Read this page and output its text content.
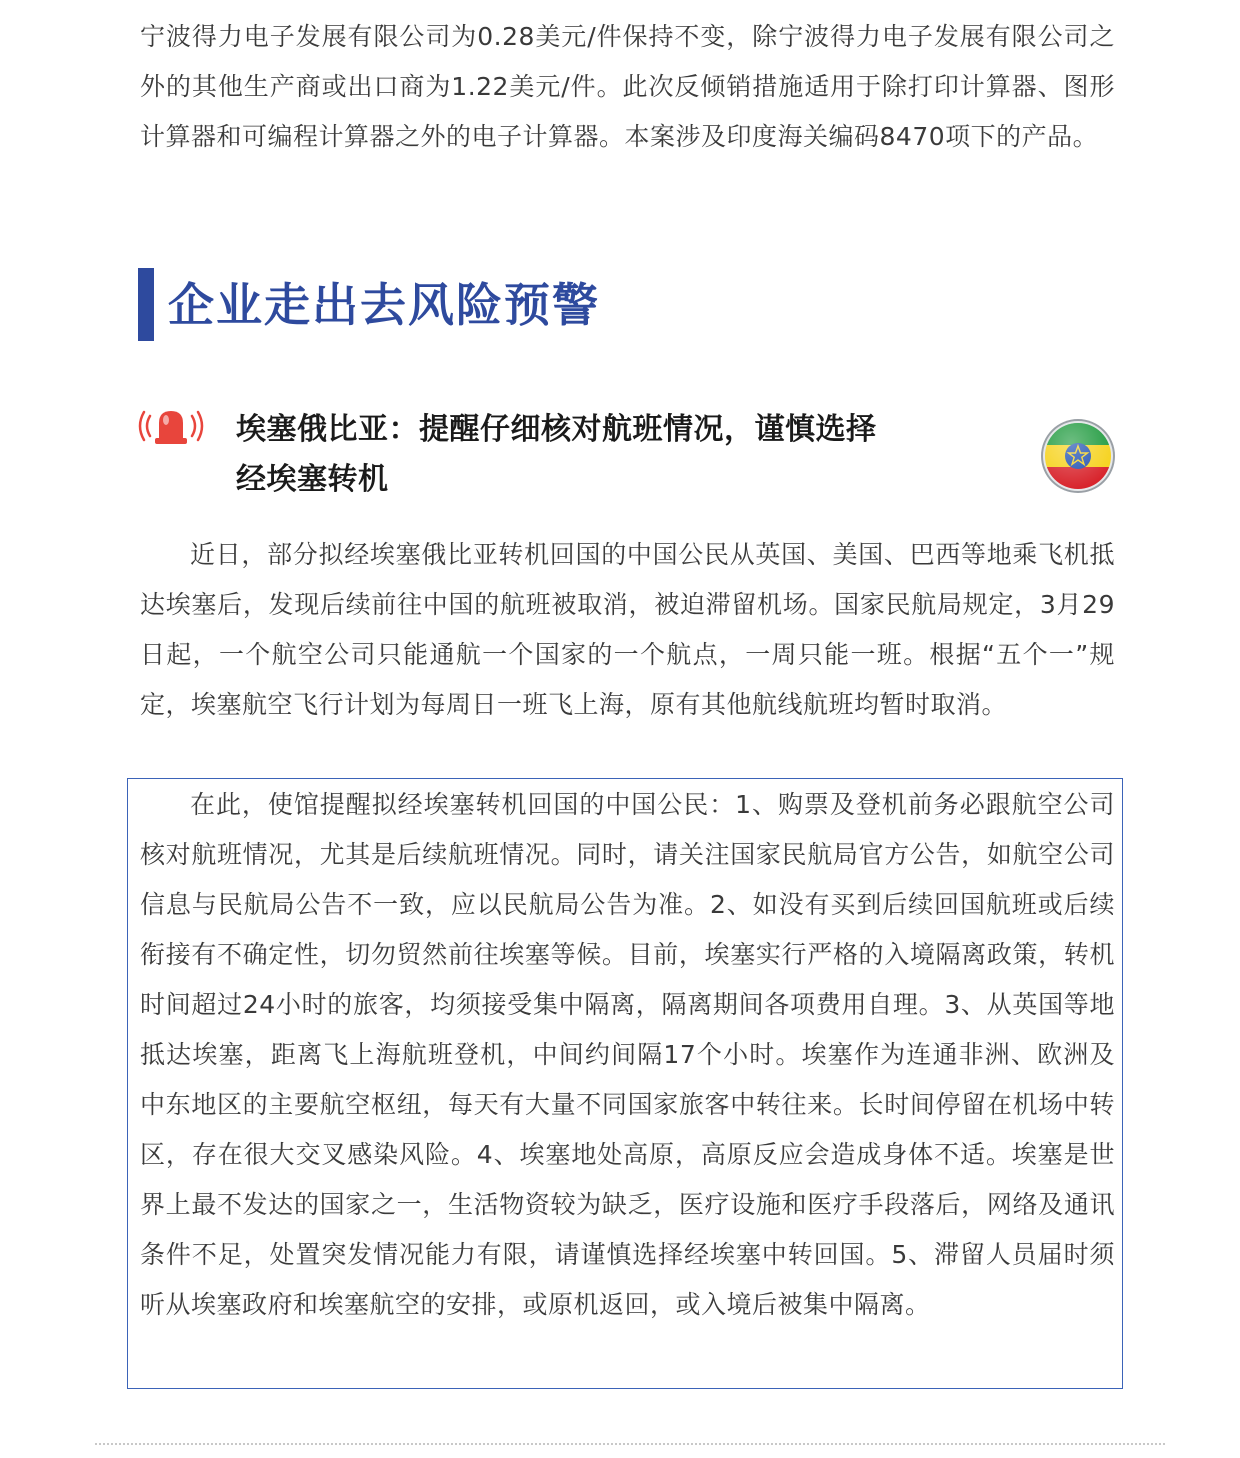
宁波得力电子发展有限公司为0.28美元/件保持不变，除宁波得力电子发展有限公司之外的其他生产商或出口商为1.22美元/件。此次反倾销措施适用于除打印计算器、图形计算器和可编程计算器之外的电子计算器。本案涉及印度海关编码8470项下的产品。

企业走出去风险预警
埃塞俄比亚：提醒仔细核对航班情况，谨慎选择
经埃塞转机

近日，部分拟经埃塞俄比亚转机回国的中国公民从英国、美国、巴西等地乘飞机抵达埃塞后，发现后续前往中国的航班被取消，被迫滞留机场。国家民航局规定，3月29日起，一个航空公司只能通航一个国家的一个航点，一周只能一班。根据“五个一”规定，埃塞航空飞行计划为每周日一班飞上海，原有其他航线航班均暂时取消。

在此，使馆提醒拟经埃塞转机回国的中国公民：1、购票及登机前务必跟航空公司核对航班情况，尤其是后续航班情况。同时，请关注国家民航局官方公告，如航空公司信息与民航局公告不一致，应以民航局公告为准。2、如没有买到后续回国航班或后续衔接有不确定性，切勿贸然前往埃塞等候。目前，埃塞实行严格的入境隔离政策，转机时间超过24小时的旅客，均须接受集中隔离，隔离期间各项费用自理。3、从英国等地抵达埃塞，距离飞上海航班登机，中间约间隔17个小时。埃塞作为连通非洲、欧洲及中东地区的主要航空枢纽，每天有大量不同国家旅客中转往来。长时间停留在机场中转区，存在很大交叉感染风险。4、埃塞地处高原，高原反应会造成身体不适。埃塞是世界上最不发达的国家之一，生活物资较为缺乏，医疗设施和医疗手段落后，网络及通讯条件不足，处置突发情况能力有限，请谨慎选择经埃塞中转回国。5、滞留人员届时须听从埃塞政府和埃塞航空的安排，或原机返回，或入境后被集中隔离。
